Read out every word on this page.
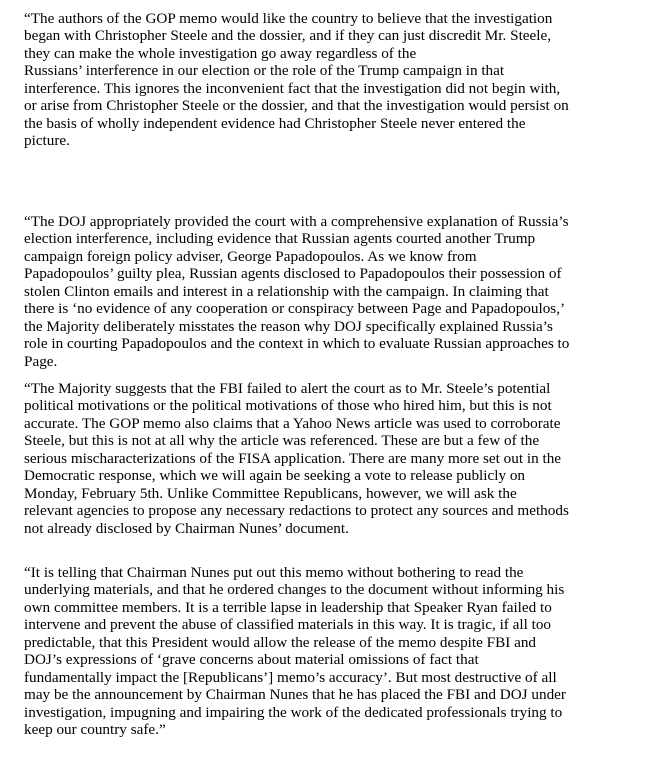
“The authors of the GOP memo would like the country to believe that the investigation
began with Christopher Steele and the dossier, and if they can just discredit Mr. Steele,
they can make the whole investigation go away regardless of the
Russians’ interference in our election or the role of the Trump campaign in that
interference. This ignores the inconvenient fact that the investigation did not begin with,
or arise from Christopher Steele or the dossier, and that the investigation would persist on
the basis of wholly independent evidence had Christopher Steele never entered the
picture.

“The DOJ appropriately provided the court with a comprehensive explanation of Russia’s
election interference, including evidence that Russian agents courted another Trump
campaign foreign policy adviser, George Papadopoulos. As we know from
Papadopoulos’ guilty plea, Russian agents disclosed to Papadopoulos their possession of
stolen Clinton emails and interest in a relationship with the campaign. In claiming that
there is ‘no evidence of any cooperation or conspiracy between Page and Papadopoulos,’
the Majority deliberately misstates the reason why DOJ specifically explained Russia’s
role in courting Papadopoulos and the context in which to evaluate Russian approaches to
Page.

“The Majority suggests that the FBI failed to alert the court as to Mr. Steele’s potential
political motivations or the political motivations of those who hired him, but this is not
accurate. The GOP memo also claims that a Yahoo News article was used to corroborate
Steele, but this is not at all why the article was referenced. These are but a few of the
serious mischaracterizations of the FISA application. There are many more set out in the
Democratic response, which we will again be seeking a vote to release publicly on
Monday, February 5th. Unlike Committee Republicans, however, we will ask the
relevant agencies to propose any necessary redactions to protect any sources and methods
not already disclosed by Chairman Nunes’ document.

“It is telling that Chairman Nunes put out this memo without bothering to read the
underlying materials, and that he ordered changes to the document without informing his
own committee members. It is a terrible lapse in leadership that Speaker Ryan failed to
intervene and prevent the abuse of classified materials in this way. It is tragic, if all too
predictable, that this President would allow the release of the memo despite FBI and
DOJ’s expressions of ‘grave concerns about material omissions of fact that
fundamentally impact the [Republicans’] memo’s accuracy’. But most destructive of all
may be the announcement by Chairman Nunes that he has placed the FBI and DOJ under
investigation, impugning and impairing the work of the dedicated professionals trying to
keep our country safe.”
